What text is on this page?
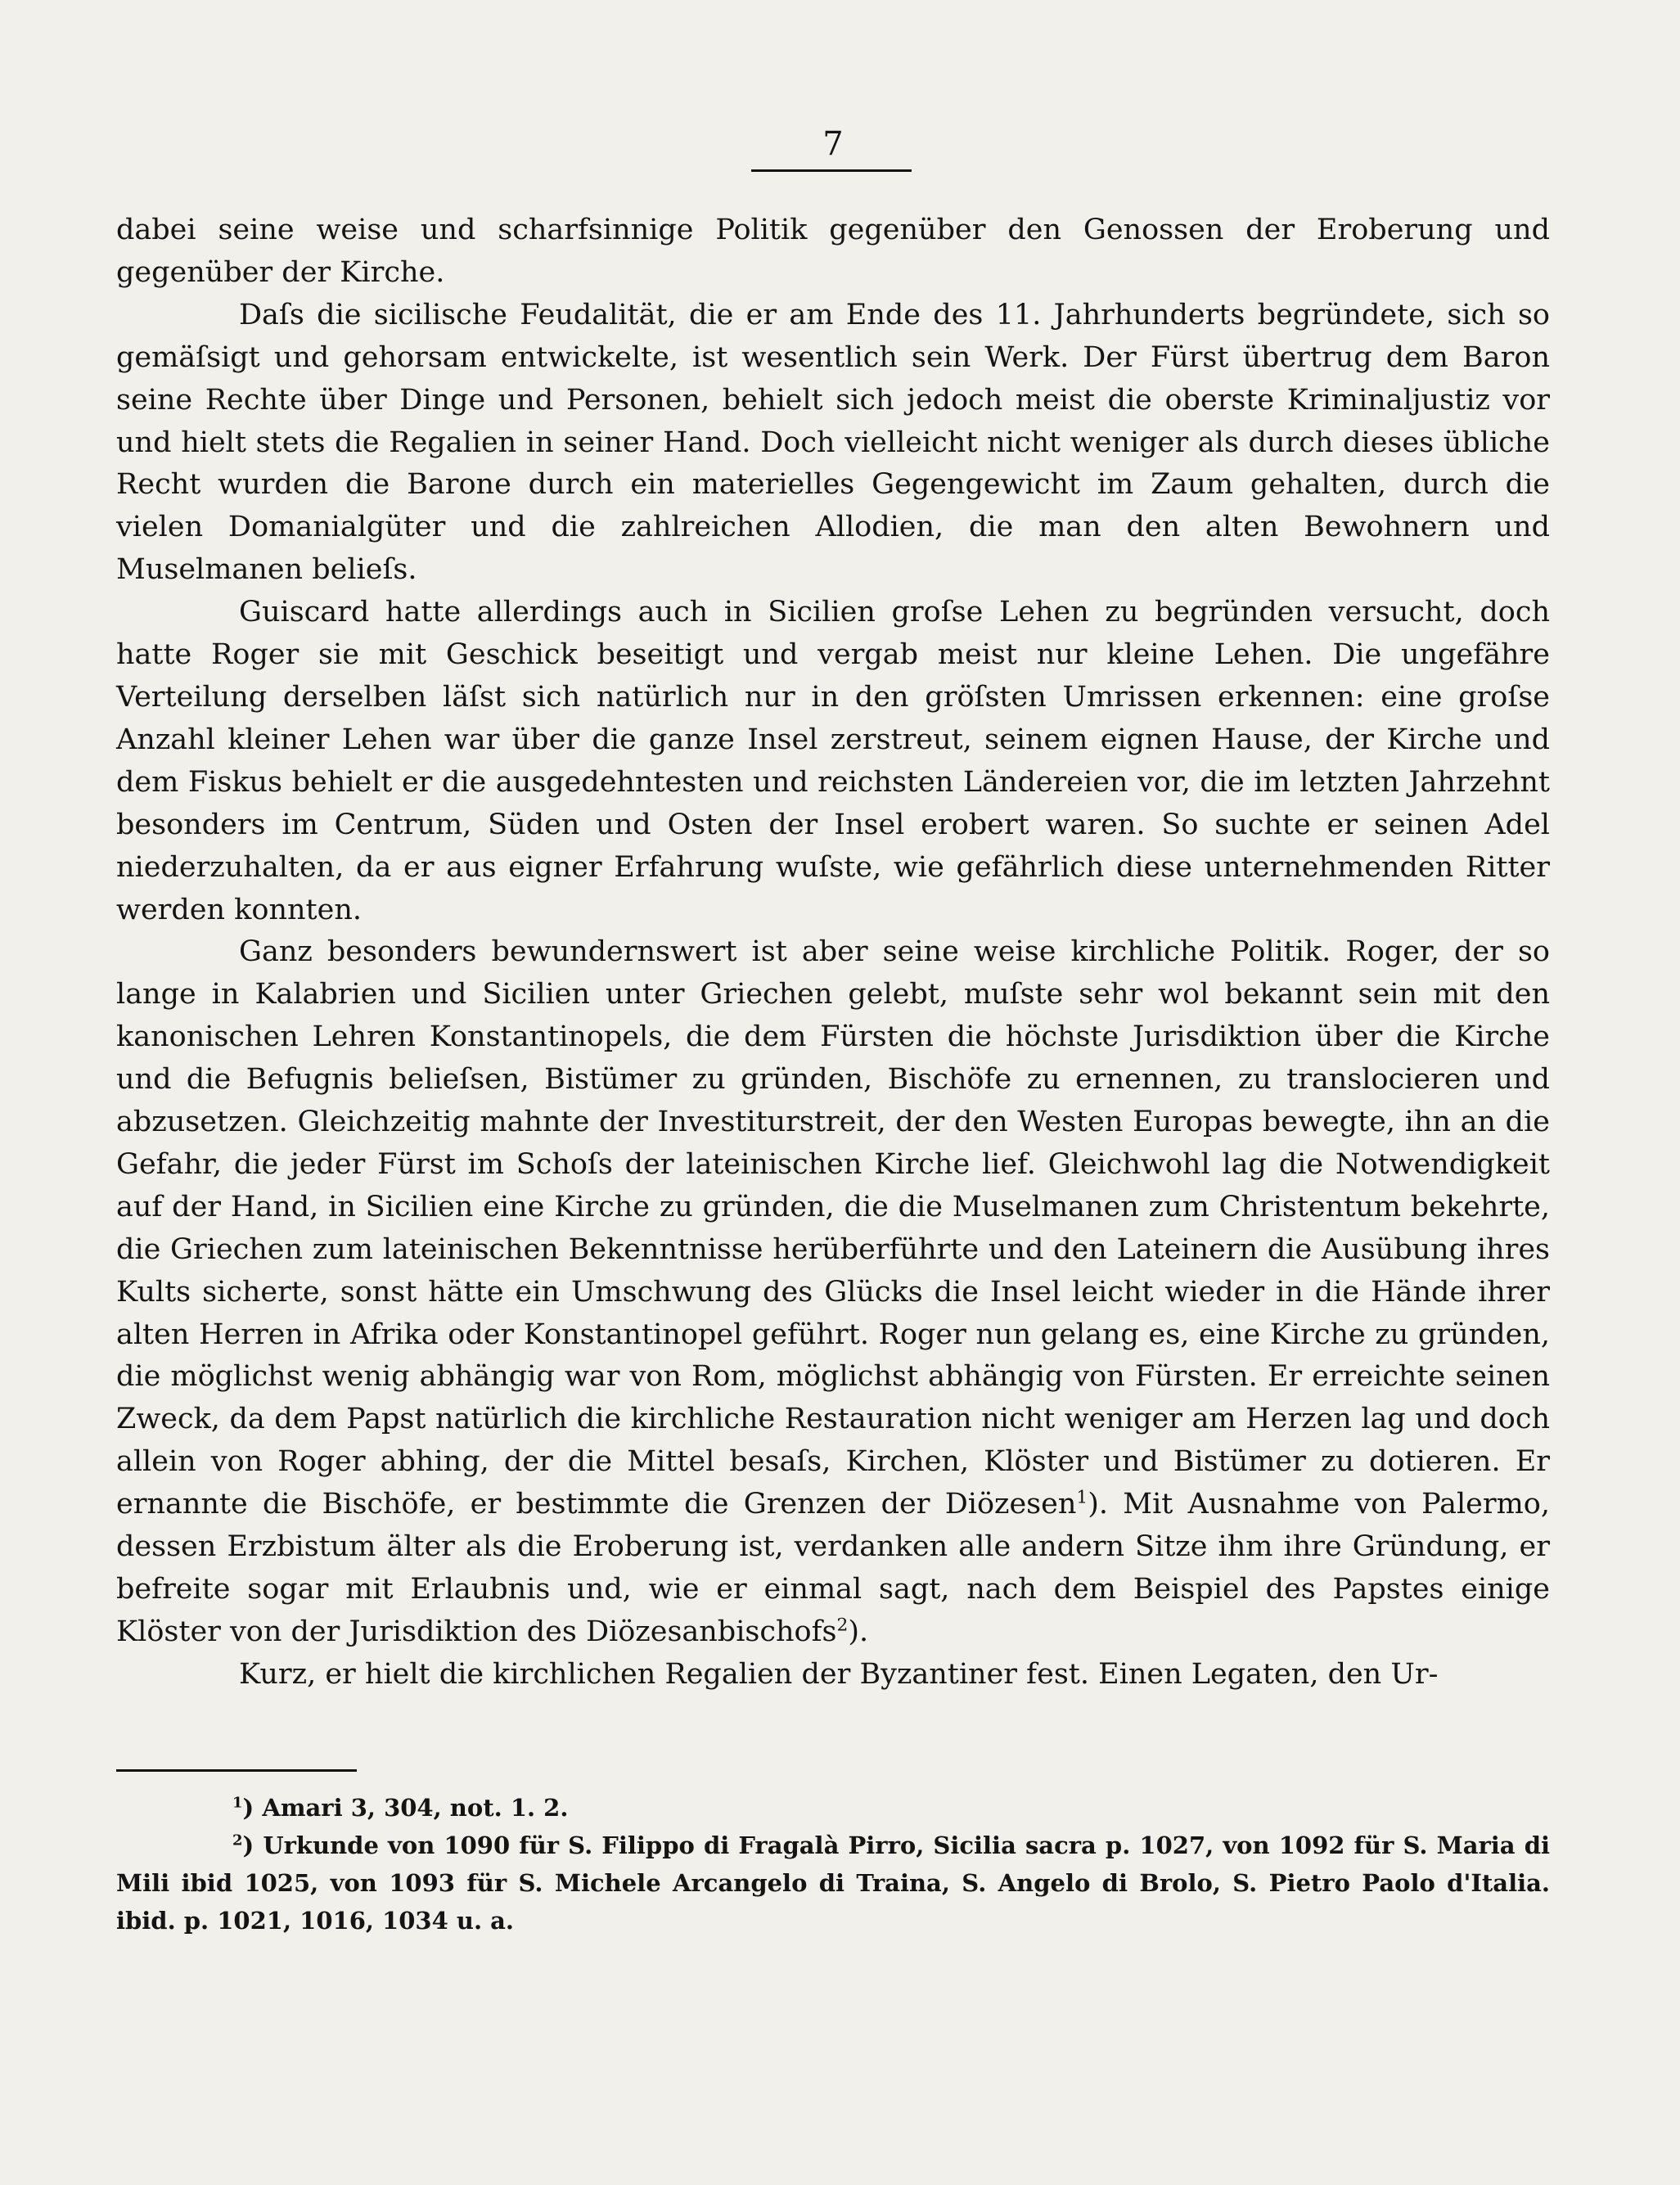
7

dabei seine weise und scharfsinnige Politik gegenüber den Genossen der Eroberung und gegenüber der Kirche.

Daſs die sicilische Feudalität, die er am Ende des 11. Jahrhunderts begründete, sich so gemäſsigt und gehorsam entwickelte, ist wesentlich sein Werk. Der Fürst übertrug dem Baron seine Rechte über Dinge und Personen, behielt sich jedoch meist die oberste Kriminaljustiz vor und hielt stets die Regalien in seiner Hand. Doch vielleicht nicht weniger als durch dieses übliche Recht wurden die Barone durch ein materielles Gegengewicht im Zaum gehalten, durch die vielen Domanialgüter und die zahlreichen Allodien, die man den alten Bewohnern und Muselmanen belieſs.

Guiscard hatte allerdings auch in Sicilien groſse Lehen zu begründen versucht, doch hatte Roger sie mit Geschick beseitigt und vergab meist nur kleine Lehen. Die ungefähre Verteilung derselben läſst sich natürlich nur in den gröſsten Umrissen erkennen: eine groſse Anzahl kleiner Lehen war über die ganze Insel zerstreut, seinem eignen Hause, der Kirche und dem Fiskus behielt er die ausgedehntesten und reichsten Ländereien vor, die im letzten Jahrzehnt besonders im Centrum, Süden und Osten der Insel erobert waren. So suchte er seinen Adel niederzuhalten, da er aus eigner Erfahrung wuſste, wie gefährlich diese unternehmenden Ritter werden konnten.

Ganz besonders bewundernswert ist aber seine weise kirchliche Politik. Roger, der so lange in Kalabrien und Sicilien unter Griechen gelebt, muſste sehr wol bekannt sein mit den kanonischen Lehren Konstantinopels, die dem Fürsten die höchste Jurisdiktion über die Kirche und die Befugnis belieſsen, Bistümer zu gründen, Bischöfe zu ernennen, zu translocieren und abzusetzen. Gleichzeitig mahnte der Investiturstreit, der den Westen Europas bewegte, ihn an die Gefahr, die jeder Fürst im Schoſs der lateinischen Kirche lief. Gleichwohl lag die Notwendigkeit auf der Hand, in Sicilien eine Kirche zu gründen, die die Muselmanen zum Christentum bekehrte, die Griechen zum lateinischen Bekenntnisse herüberführte und den Lateinern die Ausübung ihres Kults sicherte, sonst hätte ein Umschwung des Glücks die Insel leicht wieder in die Hände ihrer alten Herren in Afrika oder Konstantinopel geführt. Roger nun gelang es, eine Kirche zu gründen, die möglichst wenig abhängig war von Rom, möglichst abhängig von Fürsten. Er erreichte seinen Zweck, da dem Papst natürlich die kirchliche Restauration nicht weniger am Herzen lag und doch allein von Roger abhing, der die Mittel besaſs, Kirchen, Klöster und Bistümer zu dotieren. Er ernannte die Bischöfe, er bestimmte die Grenzen der Diözesen$^1$). Mit Ausnahme von Palermo, dessen Erzbistum älter als die Eroberung ist, verdanken alle andern Sitze ihm ihre Gründung, er befreite sogar mit Erlaubnis und, wie er einmal sagt, nach dem Beispiel des Papstes einige Klöster von der Jurisdiktion des Diözesanbischofs$^2$).

Kurz, er hielt die kirchlichen Regalien der Byzantiner fest. Einen Legaten, den Ur-

$^1$) Amari 3, 304, not. 1. 2.

$^2$) Urkunde von 1090 für S. Filippo di Fragalà Pirro, Sicilia sacra p. 1027, von 1092 für S. Maria di Mili ibid 1025, von 1093 für S. Michele Arcangelo di Traina, S. Angelo di Brolo, S. Pietro Paolo d'Italia. ibid. p. 1021, 1016, 1034 u. a.
